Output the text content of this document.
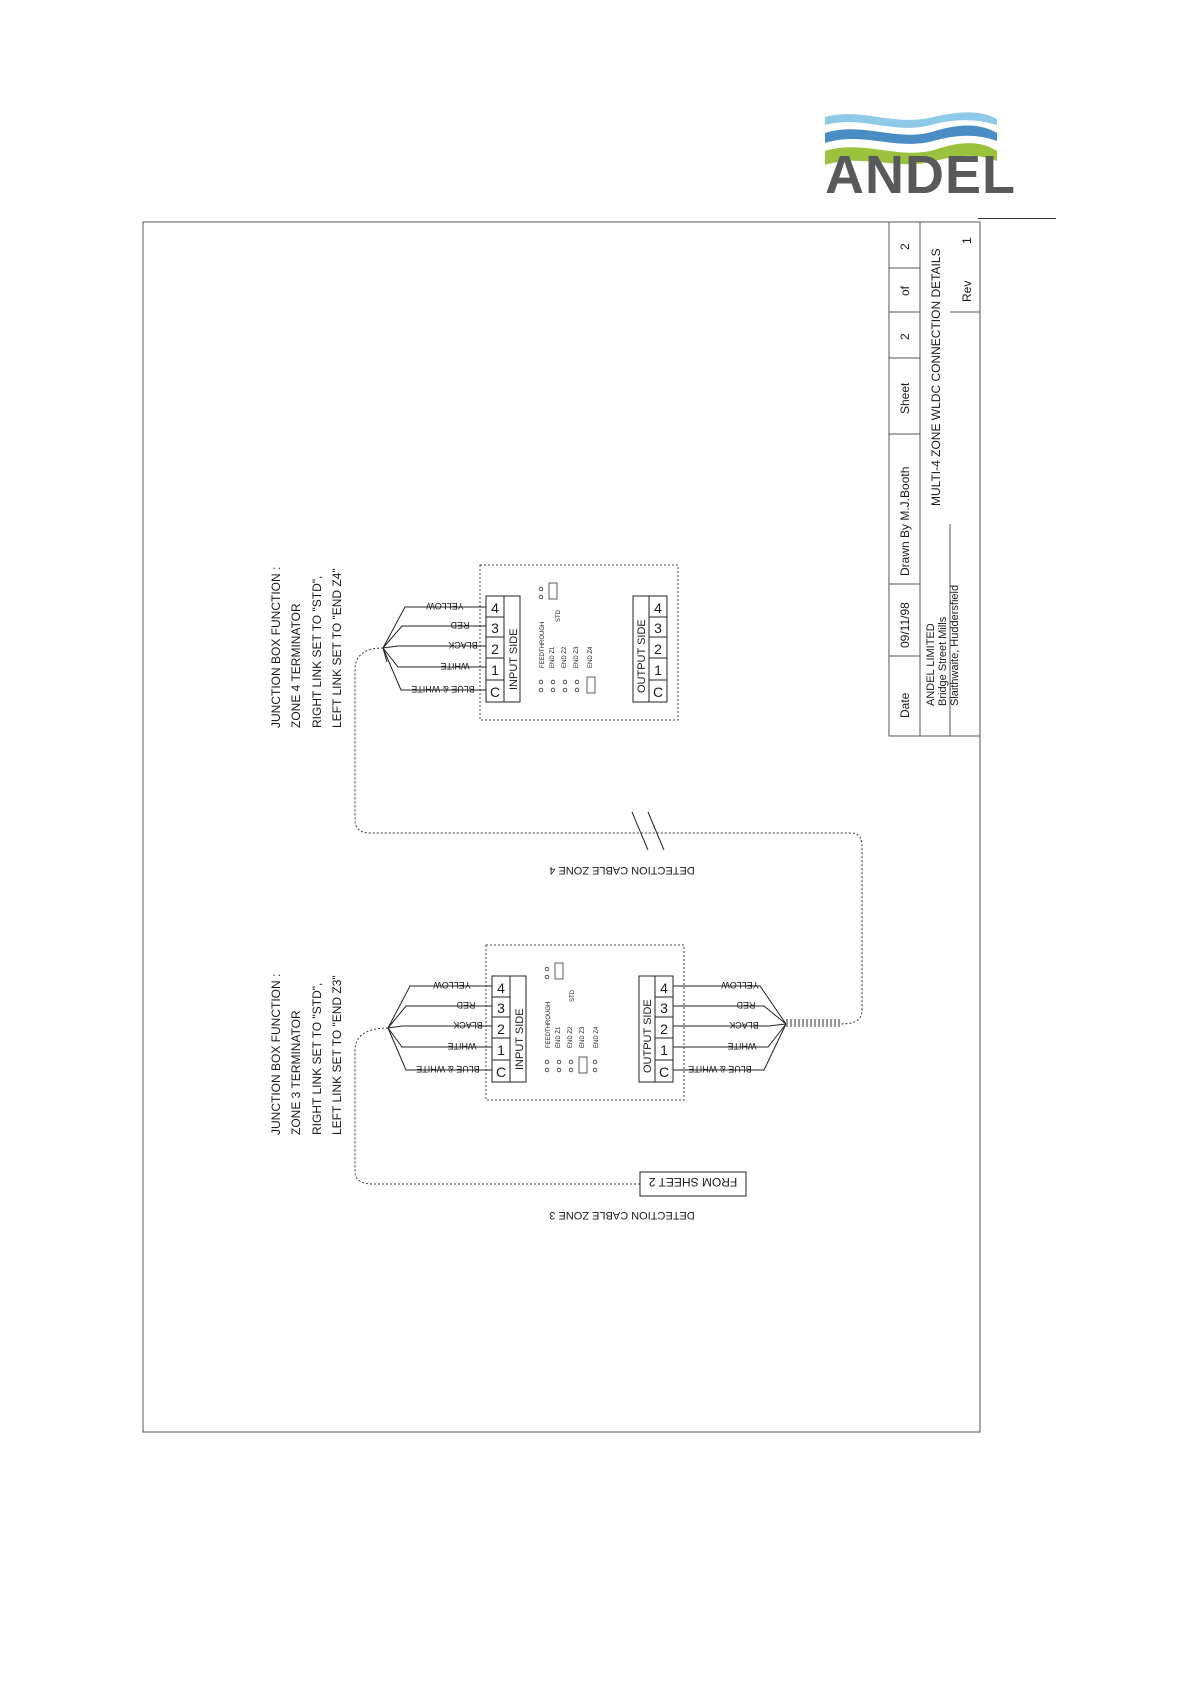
ANDEL
Date
09/11/98
Drawn By M.J.Booth
Sheet
2
of
2
ANDEL LIMITED Bridge Street Mills Slaithwaite, Huddersfield
MULTI-4 ZONE WLDC CONNECTION DETAILS Rev
1
JUNCTION BOX FUNCTION : ZONE 4 TERMINATOR RIGHT LINK SET TO "STD", LEFT LINK SET TO "END Z4"	4
3
2
1
C
INPUT SIDE	FEEDTHROUGH END Z1 END Z2 END Z3 END Z4
STD	4
3
2
1
C
OUTPUT SIDE
YELLOW
RED
BLACK
WHITE
BLUE & WHITE
DETECTION CABLE ZONE 4
JUNCTION BOX FUNCTION : ZONE 3 TERMINATOR RIGHT LINK SET TO "STD", LEFT LINK SET TO "END Z3"	4
3
2
1
C
INPUT SIDE	FEEDTHROUGH END Z1 END Z2 END Z3 END Z4
STD	4
3
2
1
C
OUTPUT SIDE
YELLOW
RED
BLACK
WHITE
BLUE & WHITE
YELLOW
RED
BLACK
WHITE
BLUE & WHITE
FROM SHEET 2
DETECTION CABLE ZONE 3
